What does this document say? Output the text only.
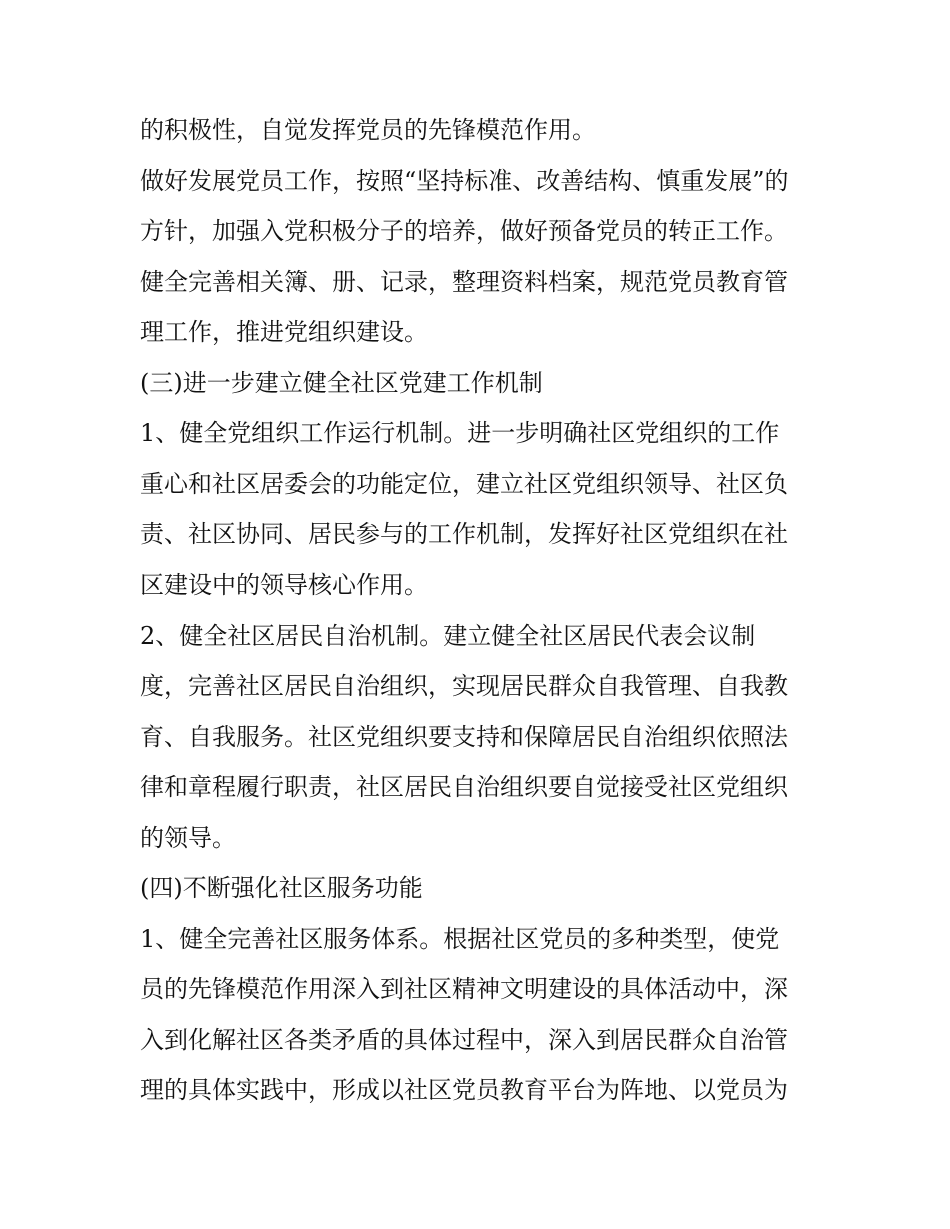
的积极性，自觉发挥党员的先锋模范作用。
做好发展党员工作，按照“坚持标准、改善结构、慎重发展”的
方针，加强入党积极分子的培养，做好预备党员的转正工作。
健全完善相关簿、册、记录，整理资料档案，规范党员教育管
理工作，推进党组织建设。
(三)进一步建立健全社区党建工作机制
1、健全党组织工作运行机制。进一步明确社区党组织的工作
重心和社区居委会的功能定位，建立社区党组织领导、社区负
责、社区协同、居民参与的工作机制，发挥好社区党组织在社
区建设中的领导核心作用。
2、健全社区居民自治机制。建立健全社区居民代表会议制
度，完善社区居民自治组织，实现居民群众自我管理、自我教
育、自我服务。社区党组织要支持和保障居民自治组织依照法
律和章程履行职责，社区居民自治组织要自觉接受社区党组织
的领导。
(四)不断强化社区服务功能
1、健全完善社区服务体系。根据社区党员的多种类型，使党
员的先锋模范作用深入到社区精神文明建设的具体活动中，深
入到化解社区各类矛盾的具体过程中，深入到居民群众自治管
理的具体实践中，形成以社区党员教育平台为阵地、以党员为
